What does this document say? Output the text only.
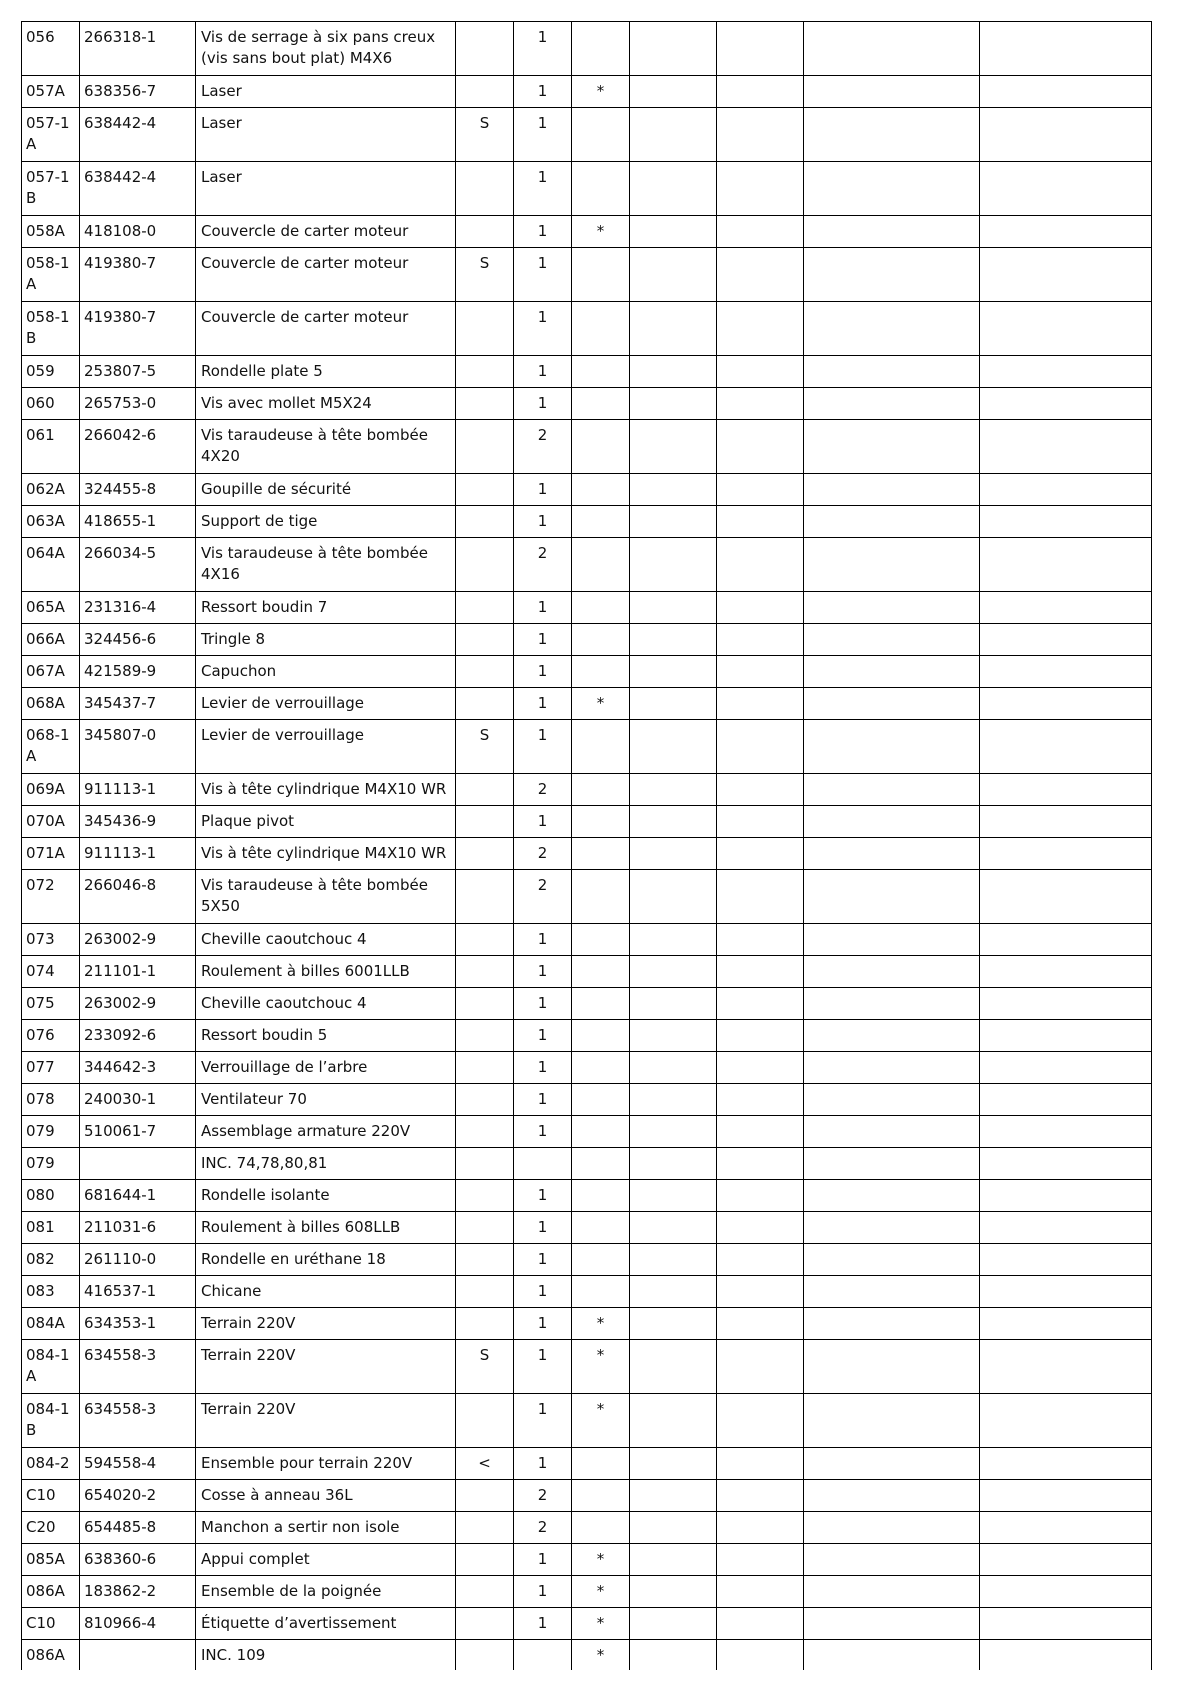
056	266318-1	Vis de serrage à six pans creux (vis sans bout plat) M4X6		1					
057A	638356-7	Laser		1	*				
057-1A	638442-4	Laser	S	1					
057-1B	638442-4	Laser		1					
058A	418108-0	Couvercle de carter moteur		1	*				
058-1A	419380-7	Couvercle de carter moteur	S	1					
058-1B	419380-7	Couvercle de carter moteur		1					
059	253807-5	Rondelle plate 5		1					
060	265753-0	Vis avec mollet M5X24		1					
061	266042-6	Vis taraudeuse à tête bombée 4X20		2					
062A	324455-8	Goupille de sécurité		1					
063A	418655-1	Support de tige		1					
064A	266034-5	Vis taraudeuse à tête bombée 4X16		2					
065A	231316-4	Ressort boudin 7		1					
066A	324456-6	Tringle 8		1					
067A	421589-9	Capuchon		1					
068A	345437-7	Levier de verrouillage		1	*				
068-1A	345807-0	Levier de verrouillage	S	1					
069A	911113-1	Vis à tête cylindrique M4X10 WR		2					
070A	345436-9	Plaque pivot		1					
071A	911113-1	Vis à tête cylindrique M4X10 WR		2					
072	266046-8	Vis taraudeuse à tête bombée 5X50		2					
073	263002-9	Cheville caoutchouc 4		1					
074	211101-1	Roulement à billes 6001LLB		1					
075	263002-9	Cheville caoutchouc 4		1					
076	233092-6	Ressort boudin 5		1					
077	344642-3	Verrouillage de l’arbre		1					
078	240030-1	Ventilateur 70		1					
079	510061-7	Assemblage armature 220V		1					
079		INC. 74,78,80,81							
080	681644-1	Rondelle isolante		1					
081	211031-6	Roulement à billes 608LLB		1					
082	261110-0	Rondelle en uréthane 18		1					
083	416537-1	Chicane		1					
084A	634353-1	Terrain 220V		1	*				
084-1A	634558-3	Terrain 220V	S	1	*				
084-1B	634558-3	Terrain 220V		1	*				
084-2	594558-4	Ensemble pour terrain 220V	<	1					
C10	654020-2	Cosse à anneau 36L		2					
C20	654485-8	Manchon a sertir non isole		2					
085A	638360-6	Appui complet		1	*				
086A	183862-2	Ensemble de la poignée		1	*				
C10	810966-4	Étiquette d’avertissement		1	*				
086A		INC. 109			*				
